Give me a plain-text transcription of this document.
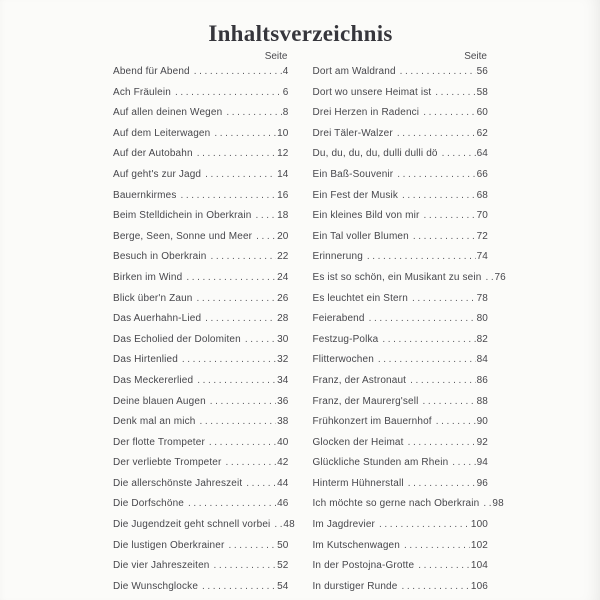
Inhaltsverzeichnis
Seite
Abend für Abend .....	4
Ach Fräulein .....	6
Auf allen deinen Wegen .....	8
Auf dem Leiterwagen .....	10
Auf der Autobahn .....	12
Auf geht's zur Jagd .....	14
Bauernkirmes .....	16
Beim Stelldichein in Oberkrain .....	18
Berge, Seen, Sonne und Meer ..... 20
Besuch in Oberkrain .....	22
Birken im Wind .....	24
Blick über'n Zaun .....	26
Das Auerhahn-Lied .....	28
Das Echolied der Dolomiten .....	30
Das Hirtenlied .....	32
Das Meckererlied .....	34
Deine blauen Augen .....	36
Denk mal an mich .....	38
Der flotte Trompeter .....	40
Der verliebte Trompeter .....	42
Die allerschönste Jahreszeit .....	44
Die Dorfschöne .....	46
Die Jugendzeit geht schnell vorbei ..... 48
Die lustigen Oberkrainer .....	50
Die vier Jahreszeiten .....	52
Die Wunschglocke .....	54
Seite
Dort am Waldrand .....	56
Dort wo unsere Heimat ist .....	58
Drei Herzen in Radenci .....	60
Drei Täler-Walzer .....	62
Du, du, du, du, dulli dulli dö .....	64
Ein Baß-Souvenir .....	66
Ein Fest der Musik .....	68
Ein kleines Bild von mir .....	70
Ein Tal voller Blumen .....	72
Erinnerung .....	74
Es ist so schön, ein Musikant zu sein ..... 76
Es leuchtet ein Stern .....	78
Feierabend .....	80
Festzug-Polka .....	82
Flitterwochen .....	84
Franz, der Astronaut .....	86
Franz, der Maurerg'sell .....	88
Frühkonzert im Bauernhof .....	90
Glocken der Heimat .....	92
Glückliche Stunden am Rhein .....	94
Hinterm Hühnerstall .....	96
Ich möchte so gerne nach Oberkrain ..... 98
Im Jagdrevier .....	100
Im Kutschenwagen .....	102
In der Postojna-Grotte .....	104
In durstiger Runde .....	106
